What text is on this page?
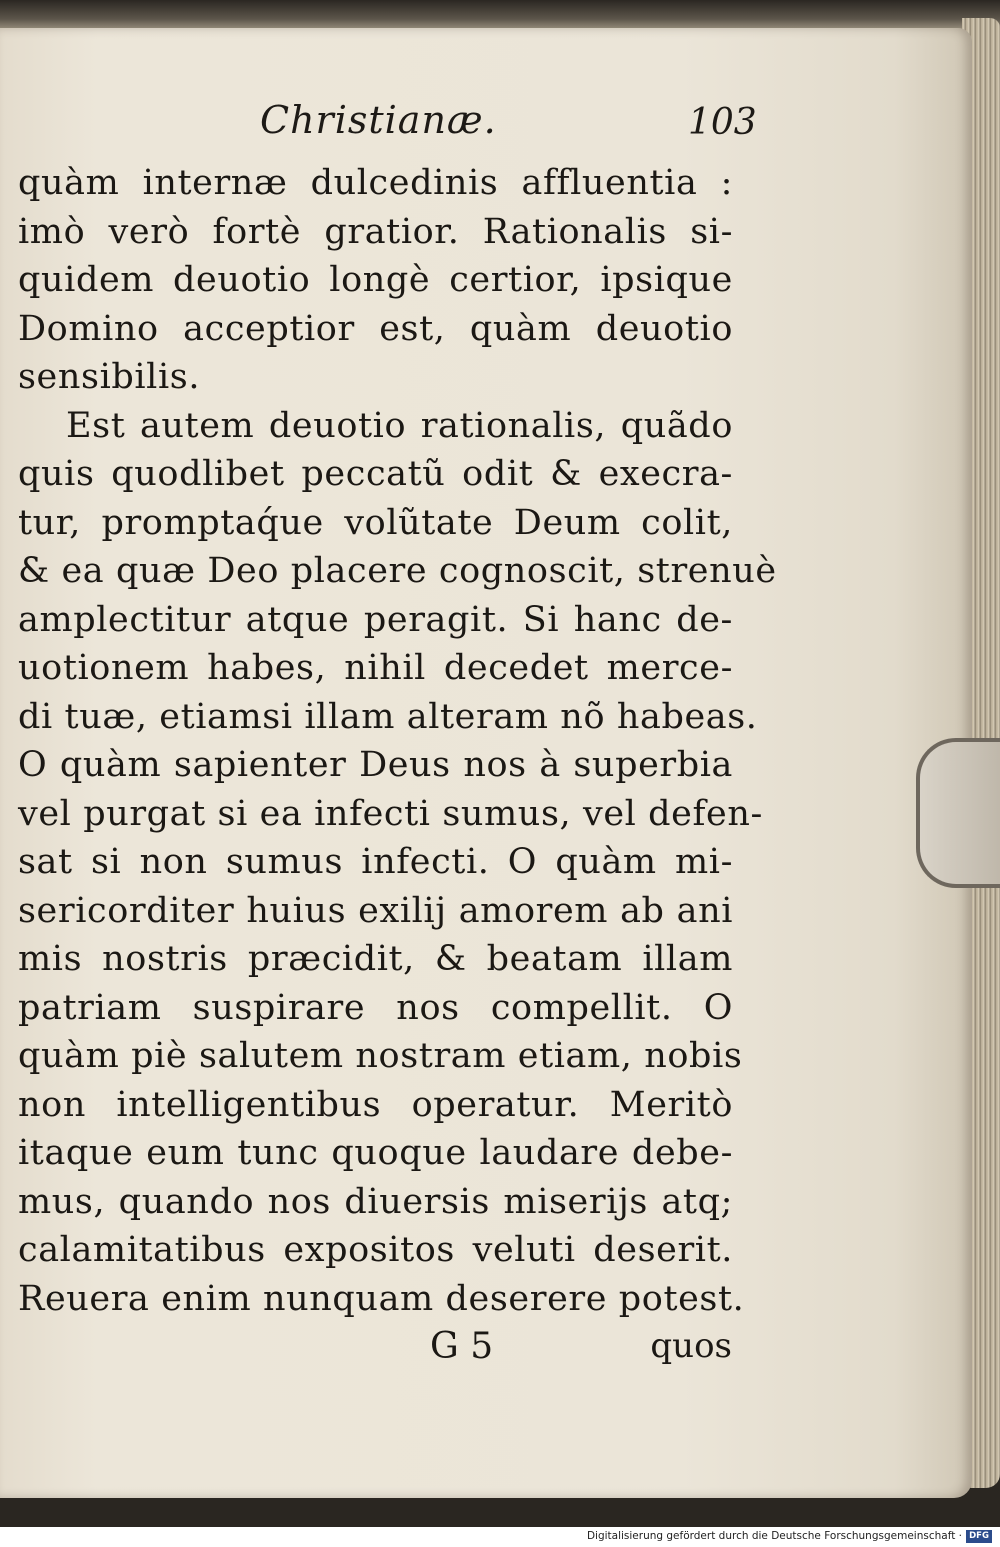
Christianæ.	103
quàm internæ dulcedinis affluentia :
imò verò fortè gratior. Rationalis si-
quidem deuotio longè certior, ipsique
Domino acceptior est, quàm deuotio
sensibilis.
Est autem deuotio rationalis, quãdo
quis quodlibet peccatũ odit & execra-
tur, promptaq́ue volũtate Deum colit,
& ea quæ Deo placere cognoscit, strenuè
amplectitur atque peragit. Si hanc de-
uotionem habes, nihil decedet merce-
di tuæ, etiamsi illam alteram nõ habeas.
O quàm sapienter Deus nos à superbia
vel purgat si ea infecti sumus, vel defen-
sat si non sumus infecti. O quàm mi-
sericorditer huius exilij amorem ab ani
mis nostris præcidit, & beatam illam
patriam suspirare nos compellit. O
quàm piè salutem nostram etiam, nobis
non intelligentibus operatur. Meritò
itaque eum tunc quoque laudare debe-
mus, quando nos diuersis miserijs atq;
calamitatibus expositos veluti deserit.
Reuera enim nunquam deserere potest.
G 5	quos
Digitalisierung gefördert durch die Deutsche Forschungsgemeinschaft · DFG
